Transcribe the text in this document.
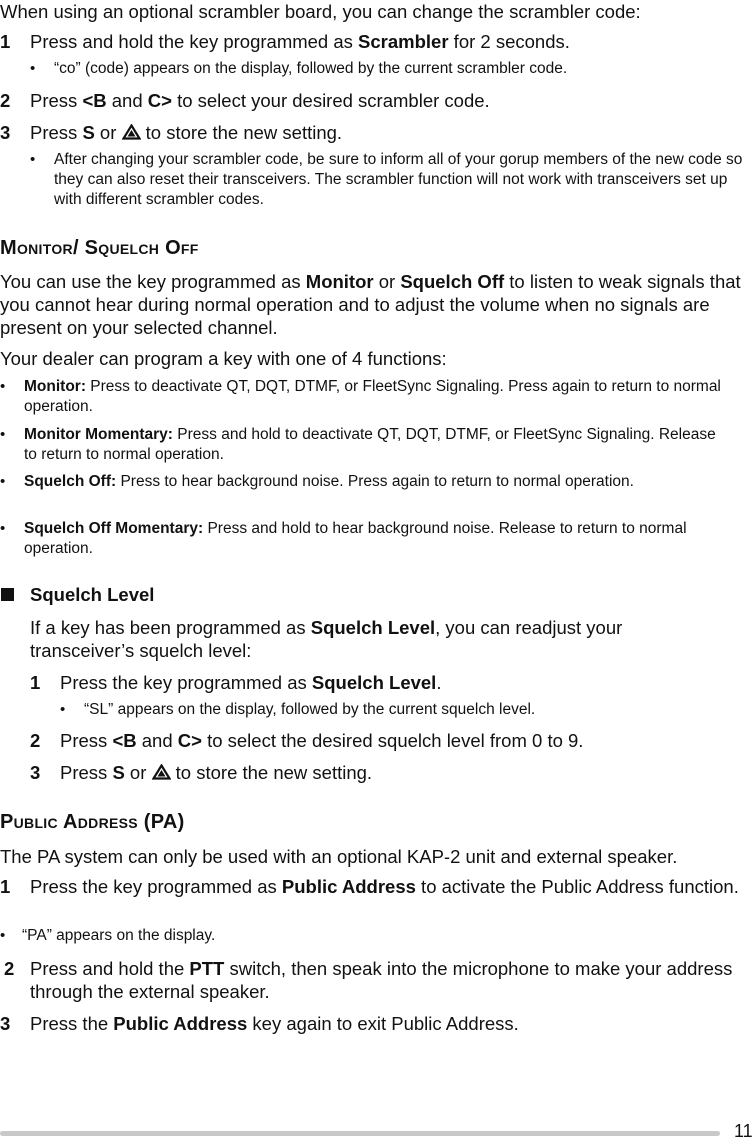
When using an optional scrambler board, you can change the scrambler code:

1 Press and hold the key programmed as Scrambler for 2 seconds.

• “co” (code) appears on the display, followed by the current scrambler code.

2 Press <B and C> to select your desired scrambler code.

3 Press S or  to store the new setting.

• After changing your scrambler code, be sure to inform all of your gorup members of the new code so they can also reset their transceivers. The scrambler function will not work with transceivers set up with different scrambler codes.

Monitor/ Squelch Off

You can use the key programmed as Monitor or Squelch Off to listen to weak signals that you cannot hear during normal operation and to adjust the volume when no signals are present on your selected channel.

Your dealer can program a key with one of 4 functions:

• Monitor: Press to deactivate QT, DQT, DTMF, or FleetSync Signaling. Press again to return to normal operation.

• Monitor Momentary: Press and hold to deactivate QT, DQT, DTMF, or FleetSync Signaling. Release to return to normal operation.

• Squelch Off: Press to hear background noise. Press again to return to normal operation.

• Squelch Off Momentary: Press and hold to hear background noise. Release to return to normal operation.

Squelch Level

If a key has been programmed as Squelch Level, you can readjust your transceiver’s squelch level:

1 Press the key programmed as Squelch Level.

• “SL” appears on the display, followed by the current squelch level.

2 Press <B and C> to select the desired squelch level from 0 to 9.

3 Press S or  to store the new setting.

Public Address (PA)

The PA system can only be used with an optional KAP-2 unit and external speaker.

1 Press the key programmed as Public Address to activate the Public Address function.

• “PA” appears on the display.

2 Press and hold the PTT switch, then speak into the microphone to make your address through the external speaker.

3 Press the Public Address key again to exit Public Address.

11
